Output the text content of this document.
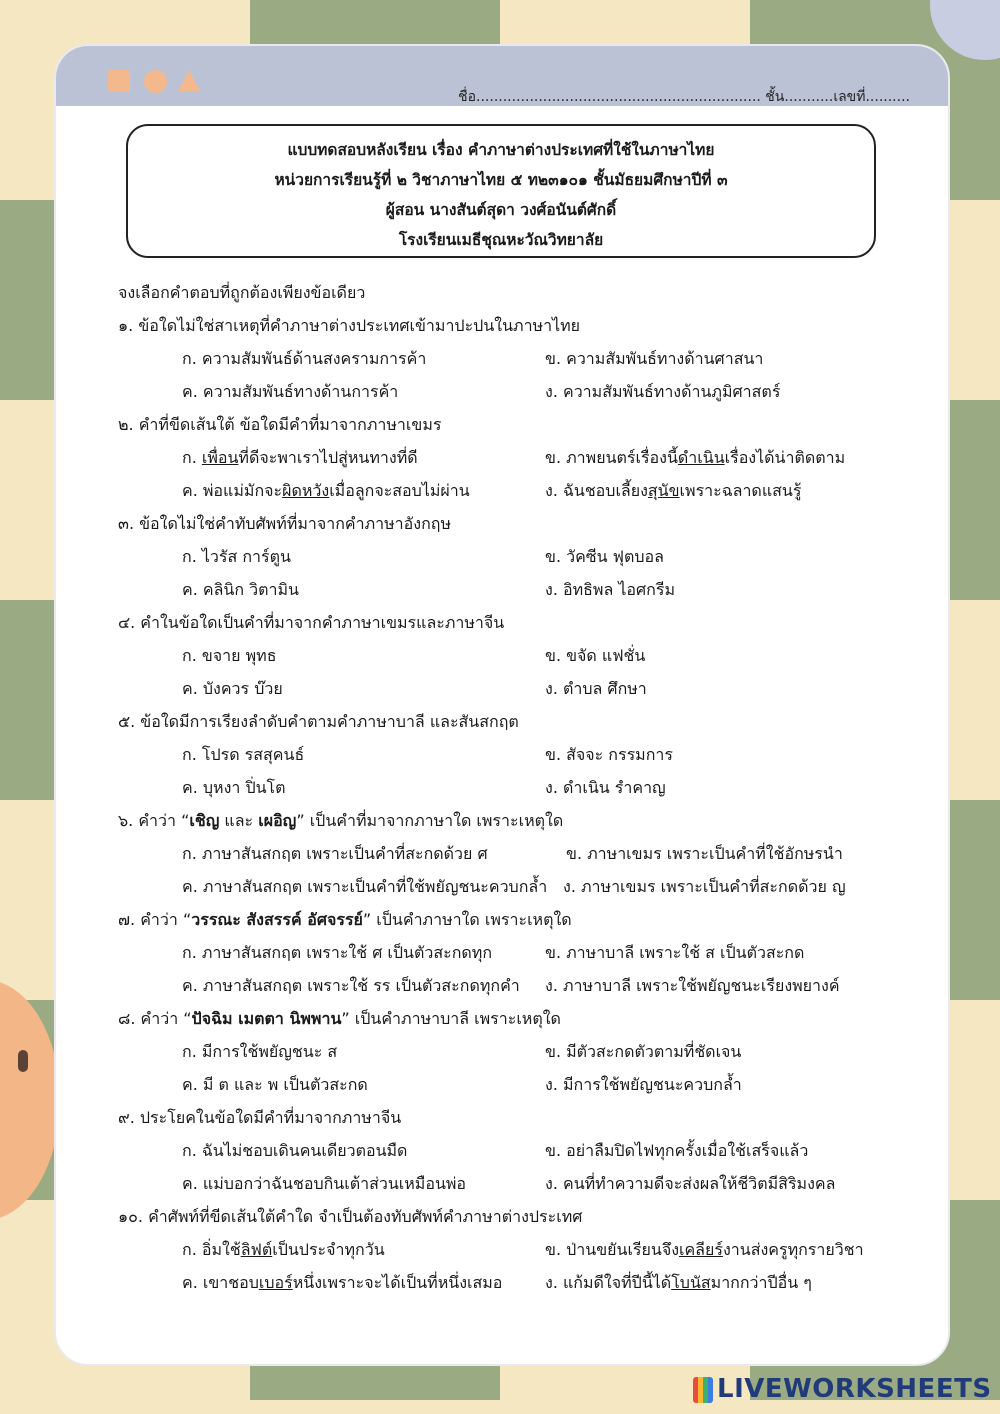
ชื่อ................................................................ ชั้น...........เลขที่..........
แบบทดสอบหลังเรียน เรื่อง คำภาษาต่างประเทศที่ใช้ในภาษาไทย
หน่วยการเรียนรู้ที่ ๒ วิชาภาษาไทย ๕ ท๒๓๑๐๑ ชั้นมัธยมศึกษาปีที่ ๓
ผู้สอน นางสันต์สุดา วงศ์อนันต์ศักดิ์
โรงเรียนเมธีชุณหะวัณวิทยาลัย
จงเลือกคำตอบที่ถูกต้องเพียงข้อเดียว
๑. ข้อใดไม่ใช่สาเหตุที่คำภาษาต่างประเทศเข้ามาปะปนในภาษาไทย
ก. ความสัมพันธ์ด้านสงครามการค้า	ข. ความสัมพันธ์ทางด้านศาสนา
ค. ความสัมพันธ์ทางด้านการค้า	ง. ความสัมพันธ์ทางด้านภูมิศาสตร์
๒. คำที่ขีดเส้นใต้ ข้อใดมีคำที่มาจากภาษาเขมร
ก. เพื่อนที่ดีจะพาเราไปสู่หนทางที่ดี	ข. ภาพยนตร์เรื่องนี้ดำเนินเรื่องได้น่าติดตาม
ค. พ่อแม่มักจะผิดหวังเมื่อลูกจะสอบไม่ผ่าน	ง. ฉันชอบเลี้ยงสุนัขเพราะฉลาดแสนรู้
๓. ข้อใดไม่ใช่คำทับศัพท์ที่มาจากคำภาษาอังกฤษ
ก. ไวรัส การ์ตูน	ข. วัคซีน ฟุตบอล
ค. คลินิก วิตามิน	ง. อิทธิพล ไอศกรีม
๔. คำในข้อใดเป็นคำที่มาจากคำภาษาเขมรและภาษาจีน
ก. ขจาย พุทธ	ข. ขจัด แฟชั่น
ค. บังควร บ๊วย	ง. ตำบล ศึกษา
๕. ข้อใดมีการเรียงลำดับคำตามคำภาษาบาลี และสันสกฤต
ก. โปรด รสสุคนธ์	ข. สัจจะ กรรมการ
ค. บุหงา ปิ่นโต	ง. ดำเนิน รำคาญ
๖. คำว่า “เชิญ และ เผอิญ” เป็นคำที่มาจากภาษาใด เพราะเหตุใด
ก. ภาษาสันสกฤต เพราะเป็นคำที่สะกดด้วย ศ	ข. ภาษาเขมร เพราะเป็นคำที่ใช้อักษรนำ
ค. ภาษาสันสกฤต เพราะเป็นคำที่ใช้พยัญชนะควบกล้ำ ง. ภาษาเขมร เพราะเป็นคำที่สะกดด้วย ญ
๗. คำว่า “วรรณะ สังสรรค์ อัศจรรย์” เป็นคำภาษาใด เพราะเหตุใด
ก. ภาษาสันสกฤต เพราะใช้ ศ เป็นตัวสะกดทุก	ข. ภาษาบาลี เพราะใช้ ส เป็นตัวสะกด
ค. ภาษาสันสกฤต เพราะใช้ รร เป็นตัวสะกดทุกคำ ง. ภาษาบาลี เพราะใช้พยัญชนะเรียงพยางค์
๘. คำว่า “ปัจฉิม เมตตา นิพพาน” เป็นคำภาษาบาลี เพราะเหตุใด
ก. มีการใช้พยัญชนะ ส	ข. มีตัวสะกดตัวตามที่ชัดเจน
ค. มี ต และ พ เป็นตัวสะกด	ง. มีการใช้พยัญชนะควบกล้ำ
๙. ประโยคในข้อใดมีคำที่มาจากภาษาจีน
ก. ฉันไม่ชอบเดินคนเดียวตอนมืด	ข. อย่าลืมปิดไฟทุกครั้งเมื่อใช้เสร็จแล้ว
ค. แม่บอกว่าฉันชอบกินเต้าส่วนเหมือนพ่อ	ง. คนที่ทำความดีจะส่งผลให้ชีวิตมีสิริมงคล
๑๐. คำศัพท์ที่ขีดเส้นใต้คำใด จำเป็นต้องทับศัพท์คำภาษาต่างประเทศ
ก. อิ่มใช้ลิฟต์เป็นประจำทุกวัน	ข. ป่านขยันเรียนจึงเคลียร์งานส่งครูทุกรายวิชา
ค. เขาชอบเบอร์หนึ่งเพราะจะได้เป็นที่หนึ่งเสมอ	ง. แก้มดีใจที่ปีนี้ได้โบนัสมากกว่าปีอื่น ๆ
LIVEWORKSHEETS
